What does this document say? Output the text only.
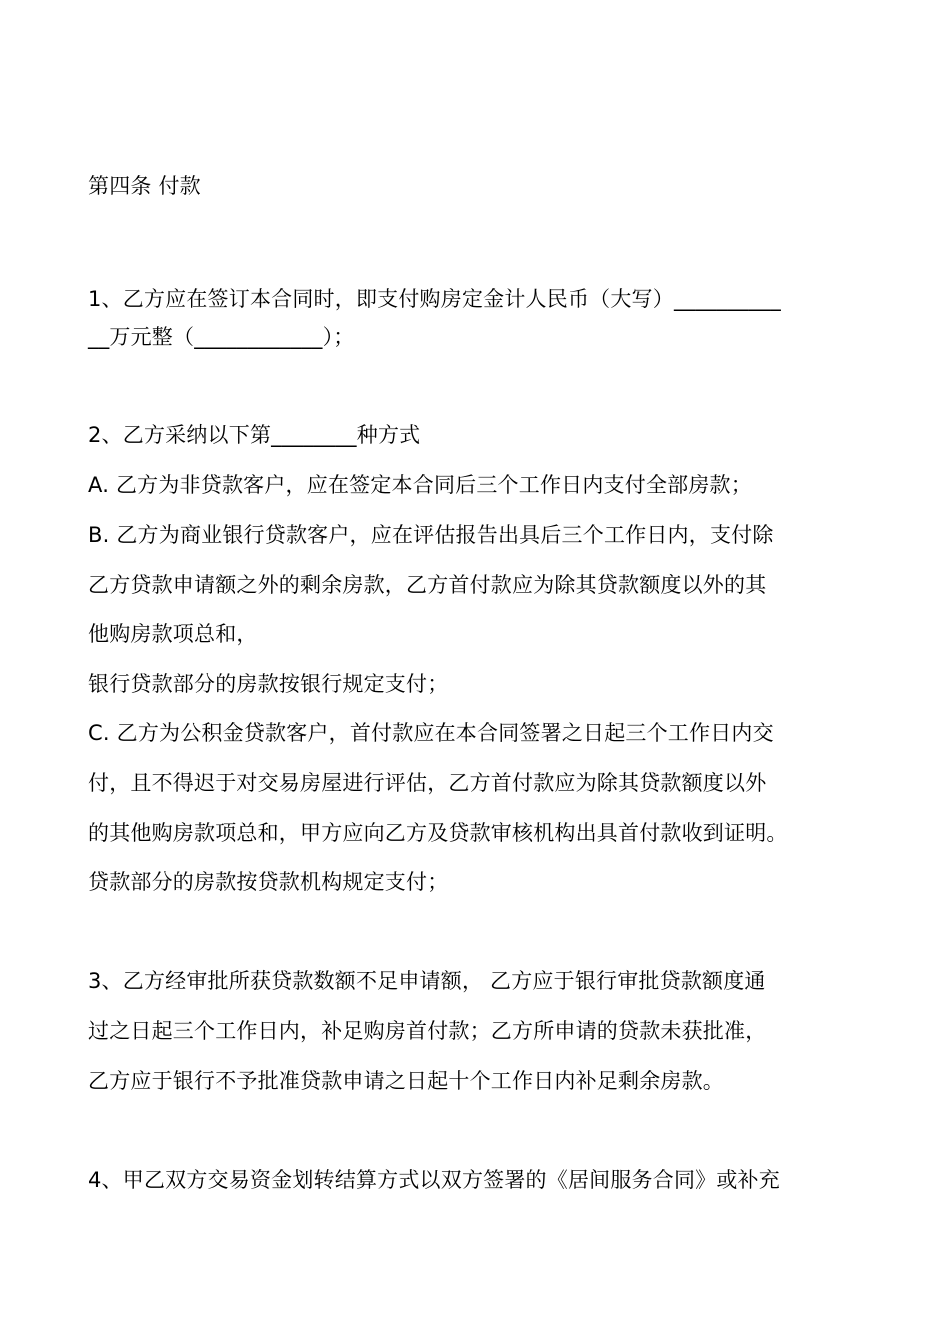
第四条 付款
1、乙方应在签订本合同时，即支付购房定金计人民币（大写）__________
__万元整（____________）；
2、乙方采纳以下第________种方式
A. 乙方为非贷款客户，应在签定本合同后三个工作日内支付全部房款；
B. 乙方为商业银行贷款客户，应在评估报告出具后三个工作日内，支付除
乙方贷款申请额之外的剩余房款，乙方首付款应为除其贷款额度以外的其
他购房款项总和，
银行贷款部分的房款按银行规定支付；
C. 乙方为公积金贷款客户，首付款应在本合同签署之日起三个工作日内交
付，且不得迟于对交易房屋进行评估，乙方首付款应为除其贷款额度以外
的其他购房款项总和，甲方应向乙方及贷款审核机构出具首付款收到证明。
贷款部分的房款按贷款机构规定支付；
3、乙方经审批所获贷款数额不足申请额， 乙方应于银行审批贷款额度通
过之日起三个工作日内，补足购房首付款；乙方所申请的贷款未获批准，
乙方应于银行不予批准贷款申请之日起十个工作日内补足剩余房款。
4、甲乙双方交易资金划转结算方式以双方签署的《居间服务合同》或补充
